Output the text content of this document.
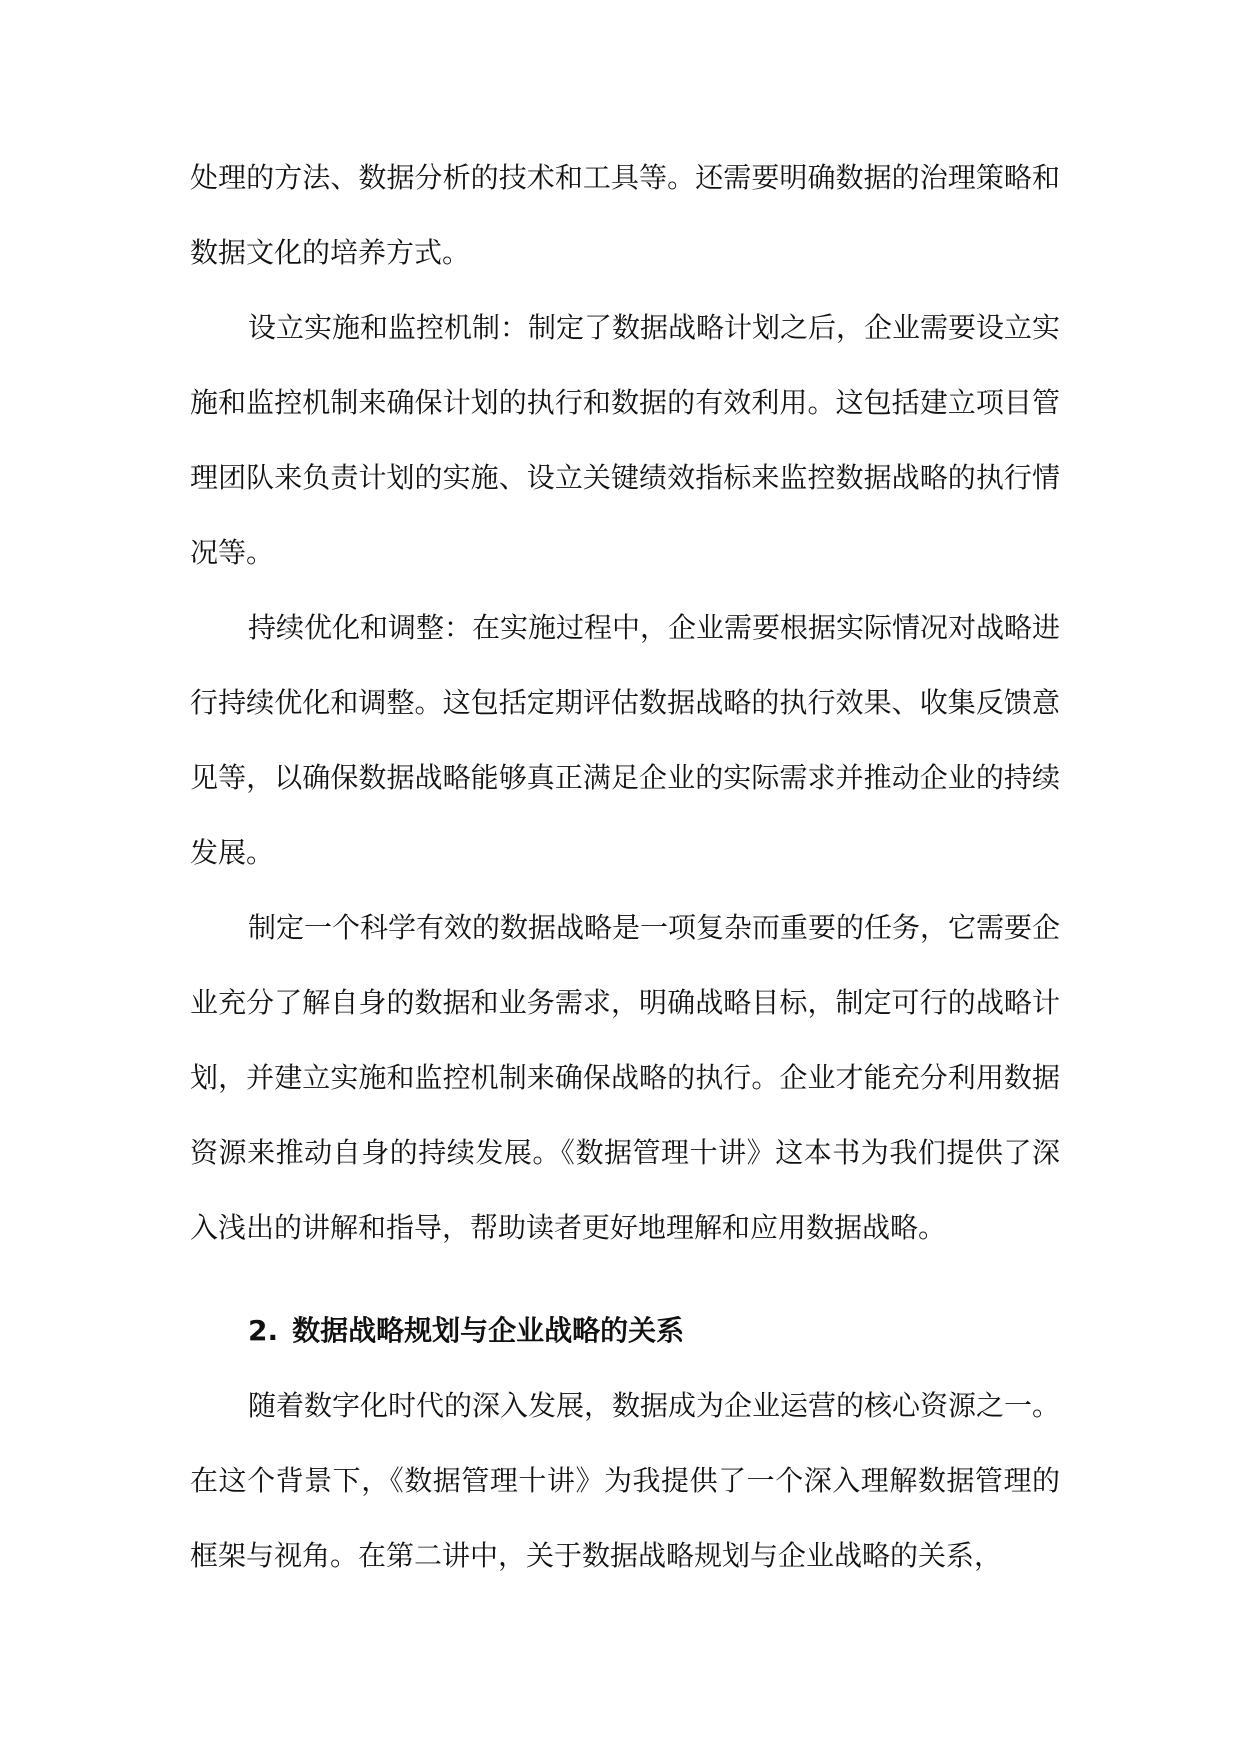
处理的方法、数据分析的技术和工具等。还需要明确数据的治理策略和数据文化的培养方式。

设立实施和监控机制：制定了数据战略计划之后，企业需要设立实施和监控机制来确保计划的执行和数据的有效利用。这包括建立项目管理团队来负责计划的实施、设立关键绩效指标来监控数据战略的执行情况等。

持续优化和调整：在实施过程中，企业需要根据实际情况对战略进行持续优化和调整。这包括定期评估数据战略的执行效果、收集反馈意见等，以确保数据战略能够真正满足企业的实际需求并推动企业的持续发展。

制定一个科学有效的数据战略是一项复杂而重要的任务，它需要企业充分了解自身的数据和业务需求，明确战略目标，制定可行的战略计划，并建立实施和监控机制来确保战略的执行。企业才能充分利用数据资源来推动自身的持续发展。《数据管理十讲》这本书为我们提供了深入浅出的讲解和指导，帮助读者更好地理解和应用数据战略。

2. 数据战略规划与企业战略的关系

随着数字化时代的深入发展，数据成为企业运营的核心资源之一。在这个背景下，《数据管理十讲》为我提供了一个深入理解数据管理的框架与视角。在第二讲中，关于数据战略规划与企业战略的关系，
